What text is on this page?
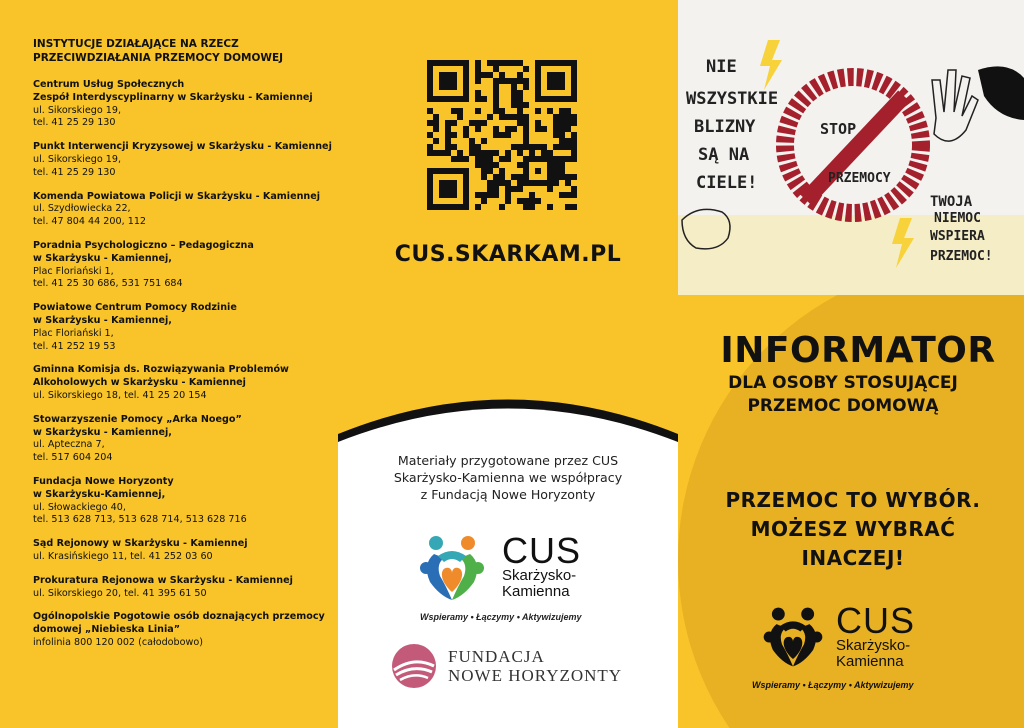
INSTYTUCJE DZIAŁAJĄCE NA RZECZ PRZECIWDZIAŁANIA PRZEMOCY DOMOWEJ
Centrum Usług Społecznych
Zespół Interdyscyplinarny w Skarżysku - Kamiennej
ul. Sikorskiego 19,
tel. 41 25 29 130
Punkt Interwencji Kryzysowej w Skarżysku - Kamiennej
ul. Sikorskiego 19,
tel. 41 25 29 130
Komenda Powiatowa Policji w Skarżysku - Kamiennej
ul. Szydłowiecka 22,
tel. 47 804 44 200, 112
Poradnia Psychologiczno – Pedagogiczna
w Skarżysku - Kamiennej,
Plac Floriański 1,
tel. 41 25 30 686, 531 751 684
Powiatowe Centrum Pomocy Rodzinie
w Skarżysku - Kamiennej,
Plac Floriański 1,
tel. 41 252 19 53
Gminna Komisja ds. Rozwiązywania Problemów
Alkoholowych w Skarżysku - Kamiennej
ul. Sikorskiego 18, tel. 41 25 20 154
Stowarzyszenie Pomocy „Arka Noego”
w Skarżysku - Kamiennej,
ul. Apteczna 7,
tel. 517 604 204
Fundacja Nowe Horyzonty
w Skarżysku-Kamiennej,
ul. Słowackiego 40,
tel. 513 628 713, 513 628 714, 513 628 716
Sąd Rejonowy w Skarżysku - Kamiennej
ul. Krasińskiego 11, tel. 41 252 03 60
Prokuratura Rejonowa w Skarżysku - Kamiennej
ul. Sikorskiego 20, tel. 41 395 61 50
Ogólnopolskie Pogotowie osób doznających przemocy
domowej „Niebieska Linia”
infolinia 800 120 002 (całodobowo)
CUS.SKARKAM.PL
Materiały przygotowane przez CUS
Skarżysko-Kamienna we współpracy
z Fundacją Nowe Horyzonty
CUS
Skarżysko-
Kamienna
Wspieramy • Łączymy • Aktywizujemy
FUNDACJA
NOWE HORYZONTY
NIE
WSZYSTKIE
BLIZNY
SĄ NA
CIELE!
STOP
PRZEMOCY
TWOJA
NIEMOC
WSPIERA
PRZEMOC!
INFORMATOR
DLA OSOBY STOSUJĄCEJ
PRZEMOC DOMOWĄ
PRZEMOC TO WYBÓR.
MOŻESZ WYBRAĆ
INACZEJ!
CUS
Skarżysko-
Kamienna
Wspieramy • Łączymy • Aktywizujemy
